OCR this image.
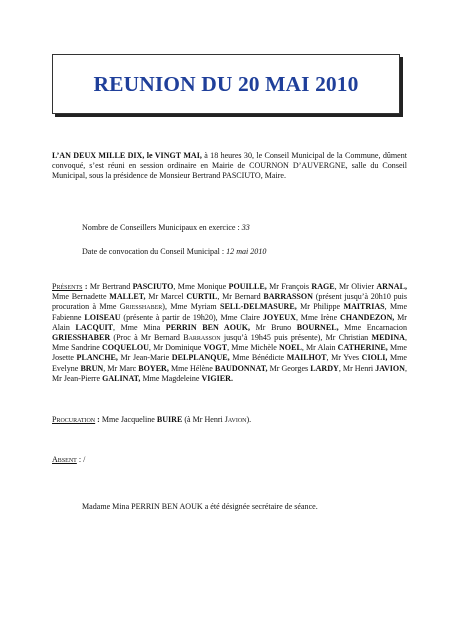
REUNION DU 20 MAI 2010

L’AN DEUX MILLE DIX, le VINGT MAI, à 18 heures 30, le Conseil Municipal de la Commune, dûment convoqué, s’est réuni en session ordinaire en Mairie de COURNON D’AUVERGNE, salle du Conseil Municipal, sous la présidence de Monsieur Bertrand PASCIUTO, Maire.

Nombre de Conseillers Municipaux en exercice : 33

Date de convocation du Conseil Municipal : 12 mai 2010

Présents : Mr Bertrand PASCIUTO, Mme Monique POUILLE, Mr François RAGE, Mr Olivier ARNAL, Mme Bernadette MALLET, Mr Marcel CURTIL, Mr Bernard BARRASSON (présent jusqu’à 20h10 puis procuration à Mme Griesshaber), Mme Myriam SELL-DELMASURE, Mr Philippe MAITRIAS, Mme Fabienne LOISEAU (présente à partir de 19h20), Mme Claire JOYEUX, Mme Irène CHANDEZON, Mr Alain LACQUIT, Mme Mina PERRIN BEN AOUK, Mr Bruno BOURNEL, Mme Encarnacion GRIESSHABER (Proc à Mr Bernard Barrasson jusqu’à 19h45 puis présente), Mr Christian MEDINA, Mme Sandrine COQUELOU, Mr Dominique VOGT, Mme Michèle NOEL, Mr Alain CATHERINE, Mme Josette PLANCHE, Mr Jean-Marie DELPLANQUE, Mme Bénédicte MAILHOT, Mr Yves CIOLI, Mme Evelyne BRUN, Mr Marc BOYER, Mme Hélène BAUDONNAT, Mr Georges LARDY, Mr Henri JAVION, Mr Jean-Pierre GALINAT, Mme Magdeleine VIGIER.

Procuration : Mme Jacqueline BUIRE (à Mr Henri Javion).

Absent : /

Madame Mina PERRIN BEN AOUK a été désignée secrétaire de séance.
